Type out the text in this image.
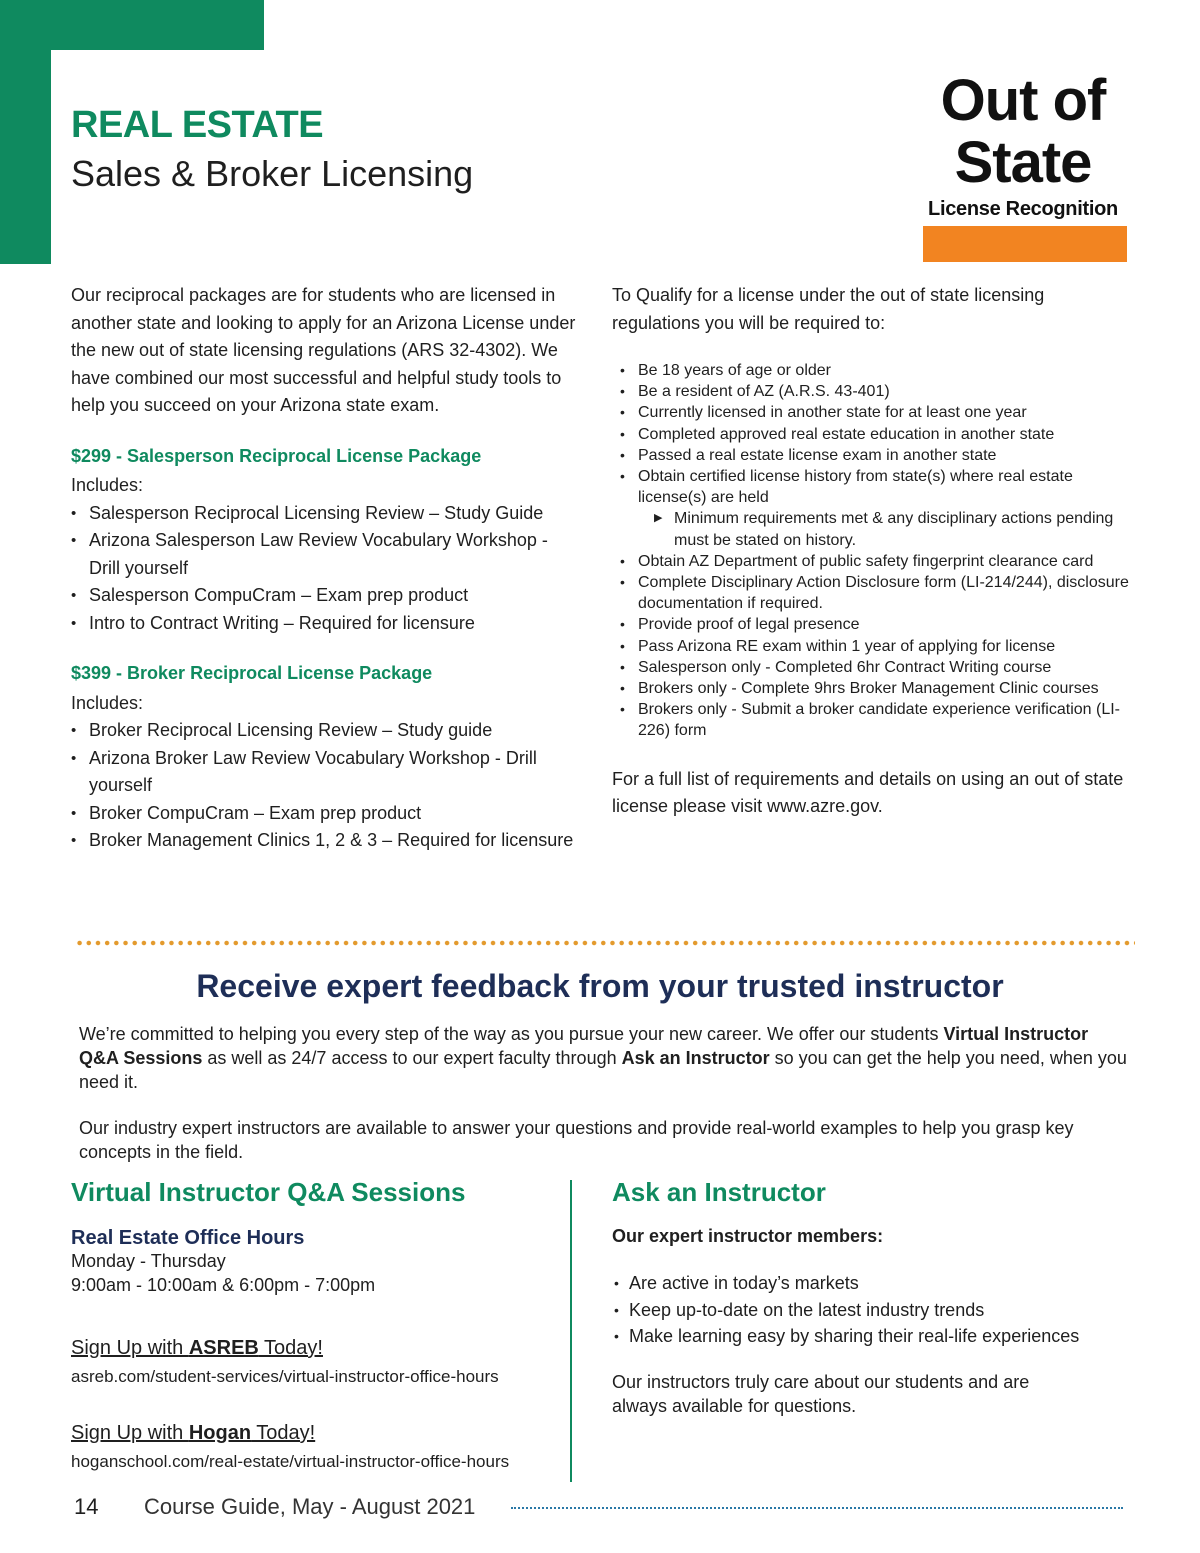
REAL ESTATE
Sales & Broker Licensing
Out of
State
License Recognition

Our reciprocal packages are for students who are licensed in another state and looking to apply for an Arizona License under the new out of state licensing regulations (ARS 32-4302). We have combined our most successful and helpful study tools to help you succeed on your Arizona state exam.

$299 - Salesperson Reciprocal License Package

Includes:

• Salesperson Reciprocal Licensing Review – Study Guide
• Arizona Salesperson Law Review Vocabulary Workshop - Drill yourself
• Salesperson CompuCram – Exam prep product
• Intro to Contract Writing – Required for licensure

$399 - Broker Reciprocal License Package

Includes:

• Broker Reciprocal Licensing Review – Study guide
• Arizona Broker Law Review Vocabulary Workshop - Drill yourself
• Broker CompuCram – Exam prep product
• Broker Management Clinics 1, 2 & 3 – Required for licensure

To Qualify for a license under the out of state licensing regulations you will be required to:

• Be 18 years of age or older
• Be a resident of AZ (A.R.S. 43-401)
• Currently licensed in another state for at least one year
• Completed approved real estate education in another state
• Passed a real estate license exam in another state
• Obtain certified license history from state(s) where real estate license(s) are held
▶ Minimum requirements met & any disciplinary actions pending must be stated on history.
• Obtain AZ Department of public safety fingerprint clearance card
• Complete Disciplinary Action Disclosure form (LI-214/244), disclosure documentation if required.
• Provide proof of legal presence
• Pass Arizona RE exam within 1 year of applying for license
• Salesperson only - Completed 6hr Contract Writing course
• Brokers only - Complete 9hrs Broker Management Clinic courses
• Brokers only - Submit a broker candidate experience verification (LI-226) form

For a full list of requirements and details on using an out of state license please visit www.azre.gov.

Receive expert feedback from your trusted instructor
We’re committed to helping you every step of the way as you pursue your new career. We offer our students Virtual Instructor Q&A Sessions as well as 24/7 access to our expert faculty through Ask an Instructor so you can get the help you need, when you need it.
Our industry expert instructors are available to answer your questions and provide real-world examples to help you grasp key concepts in the field.
Virtual Instructor Q&A Sessions
Real Estate Office Hours
Monday - Thursday
9:00am - 10:00am & 6:00pm - 7:00pm
Sign Up with ASREB Today!
asreb.com/student-services/virtual-instructor-office-hours
Sign Up with Hogan Today!
hoganschool.com/real-estate/virtual-instructor-office-hours
Ask an Instructor
Our expert instructor members:
• Are active in today’s markets
• Keep up-to-date on the latest industry trends
• Make learning easy by sharing their real-life experiences
Our instructors truly care about our students and are always available for questions.
14 Course Guide, May - August 2021
